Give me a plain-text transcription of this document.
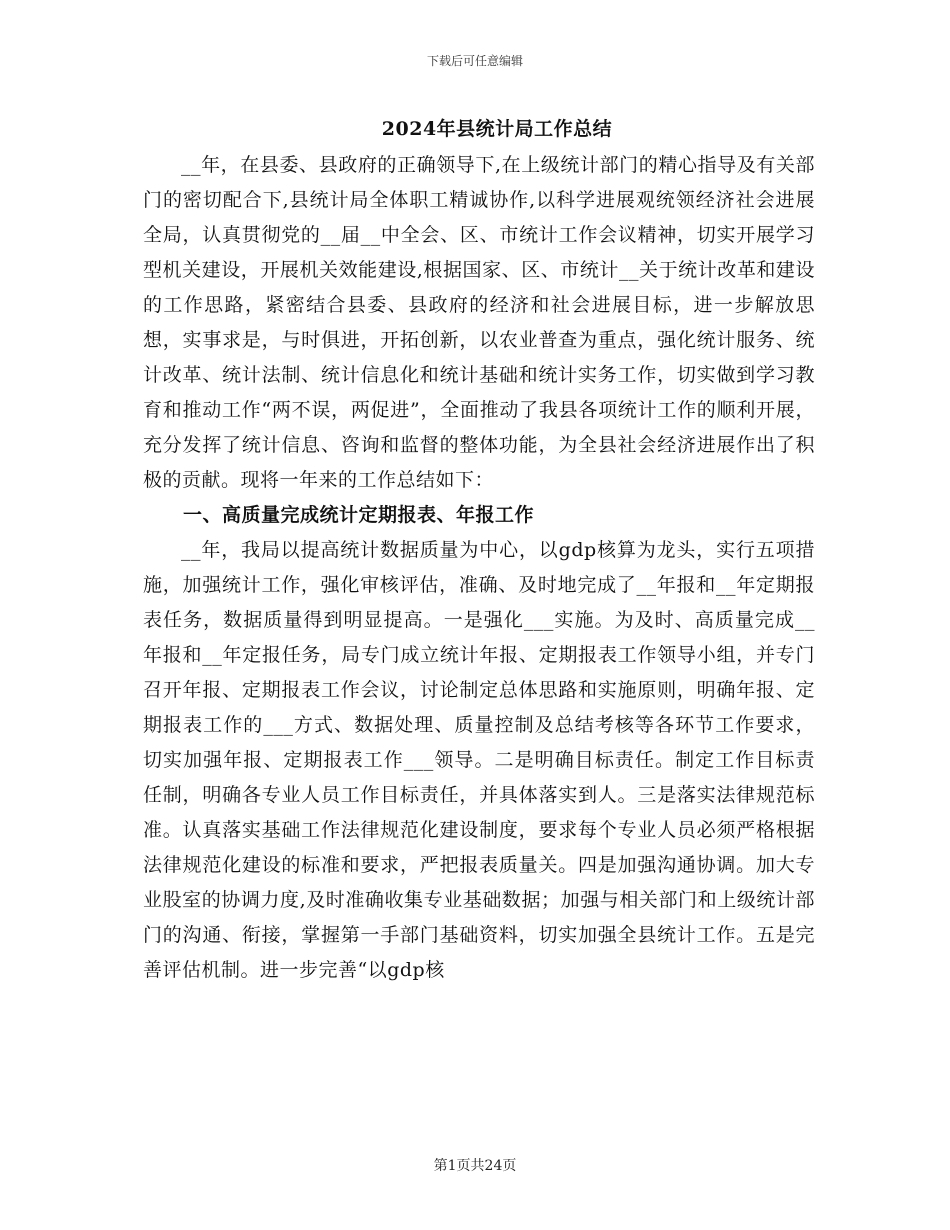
下载后可任意编辑
2024年县统计局工作总结

__年，在县委、县政府的正确领导下,在上级统计部门的精心指导及有关部门的密切配合下,县统计局全体职工精诚协作,以科学进展观统领经济社会进展全局，认真贯彻党的__届__中全会、区、市统计工作会议精神，切实开展学习型机关建设，开展机关效能建设,根据国家、区、市统计__关于统计改革和建设的工作思路，紧密结合县委、县政府的经济和社会进展目标，进一步解放思想，实事求是，与时俱进，开拓创新，以农业普查为重点，强化统计服务、统计改革、统计法制、统计信息化和统计基础和统计实务工作，切实做到学习教育和推动工作“两不误，两促进”，全面推动了我县各项统计工作的顺利开展，充分发挥了统计信息、咨询和监督的整体功能，为全县社会经济进展作出了积极的贡献。现将一年来的工作总结如下：

一、高质量完成统计定期报表、年报工作

__年，我局以提高统计数据质量为中心，以gdp核算为龙头，实行五项措施，加强统计工作，强化审核评估，准确、及时地完成了__年报和__年定期报表任务，数据质量得到明显提高。一是强化___实施。为及时、高质量完成__年报和__年定报任务，局专门成立统计年报、定期报表工作领导小组，并专门召开年报、定期报表工作会议，讨论制定总体思路和实施原则，明确年报、定期报表工作的___方式、数据处理、质量控制及总结考核等各环节工作要求，切实加强年报、定期报表工作___领导。二是明确目标责任。制定工作目标责任制，明确各专业人员工作目标责任，并具体落实到人。三是落实法律规范标准。认真落实基础工作法律规范化建设制度，要求每个专业人员必须严格根据法律规范化建设的标准和要求，严把报表质量关。四是加强沟通协调。加大专业股室的协调力度,及时准确收集专业基础数据；加强与相关部门和上级统计部门的沟通、衔接，掌握第一手部门基础资料，切实加强全县统计工作。五是完善评估机制。进一步完善“以gdp核

第1页共24页
